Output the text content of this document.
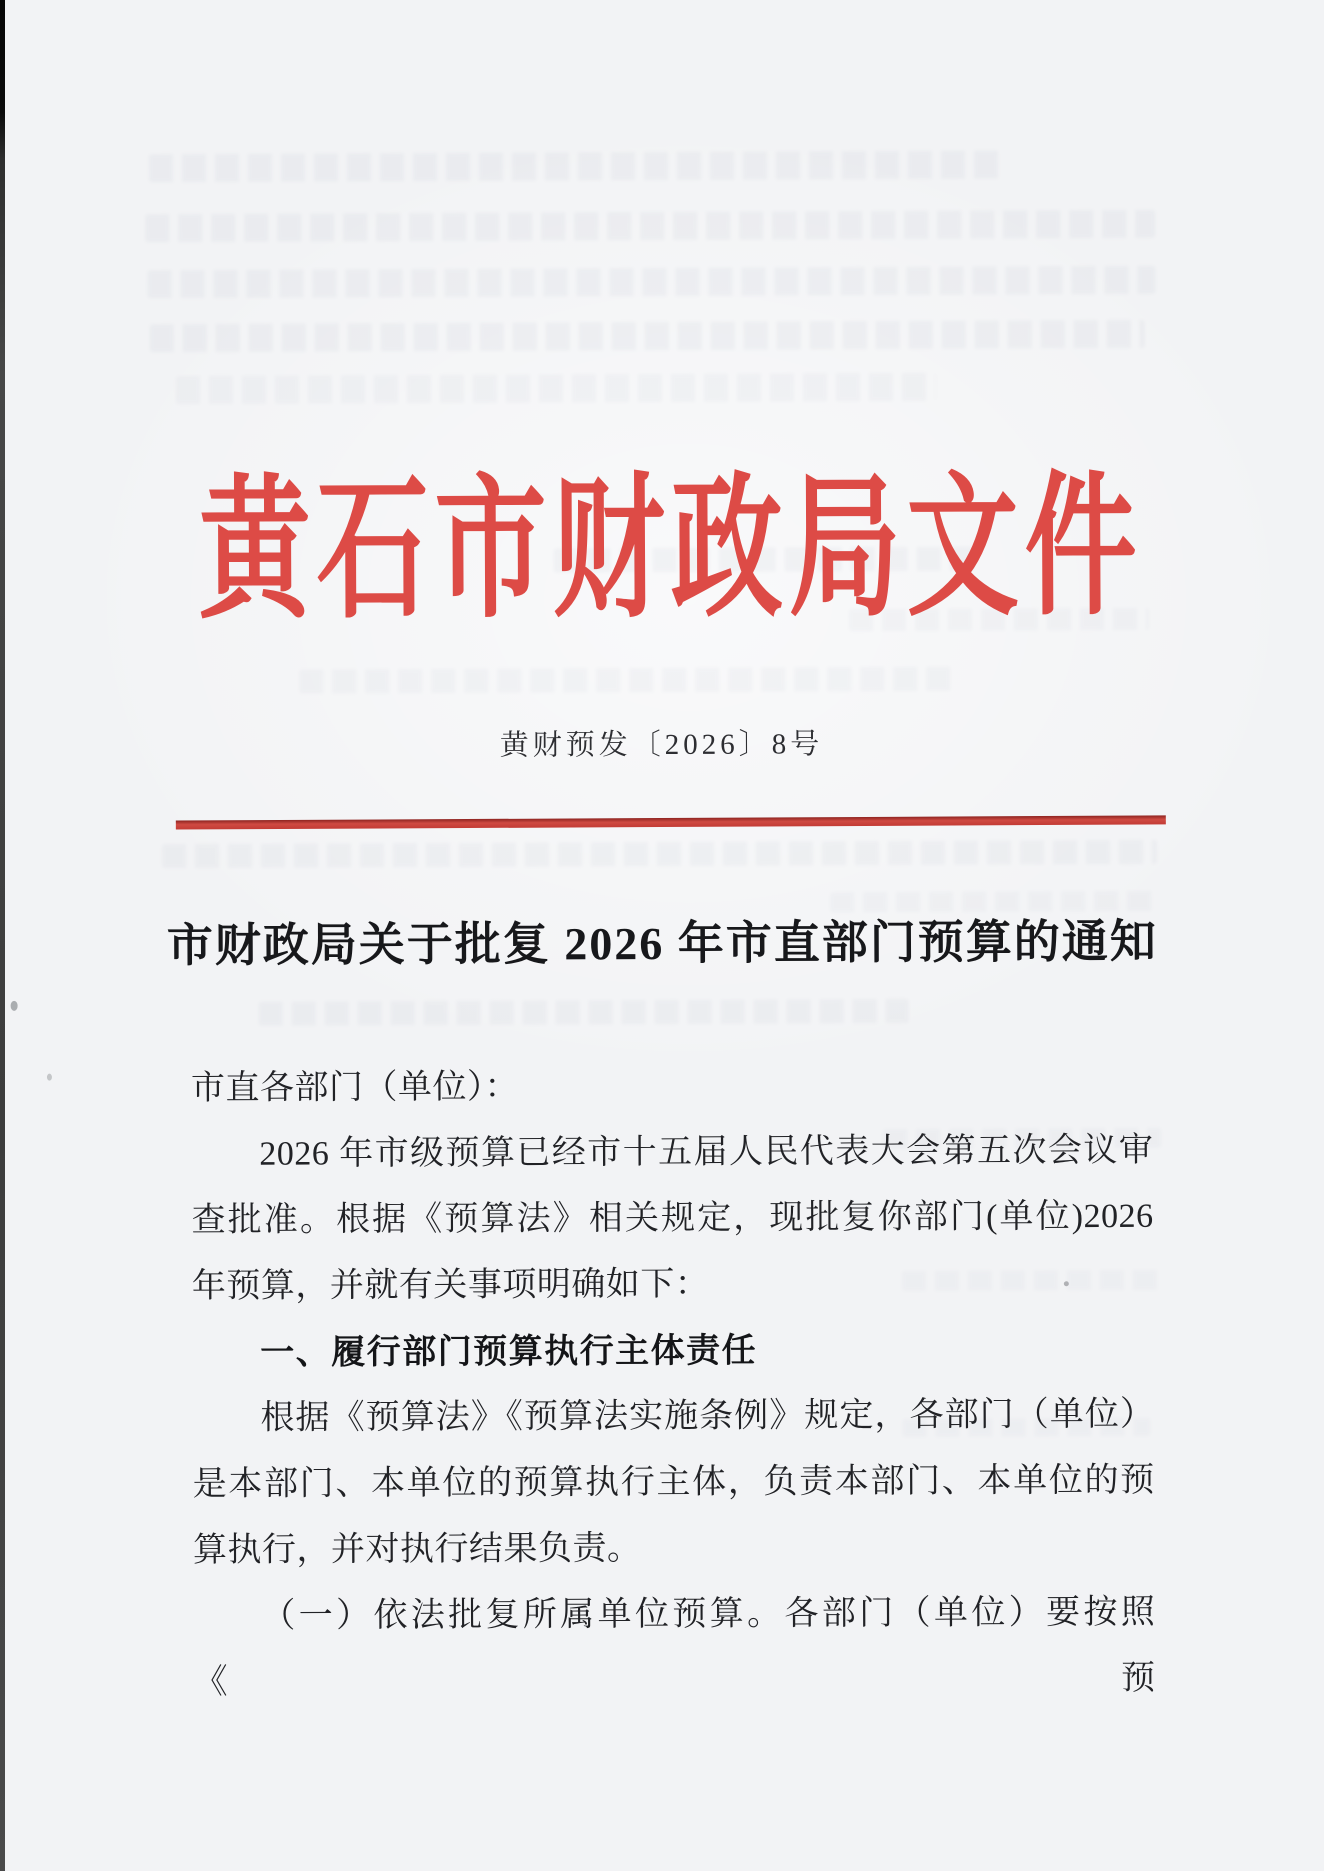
黄石市财政局文件
黄财预发〔2026〕8号
市财政局关于批复 2026 年市直部门预算的通知

市直各部门（单位）：

2026 年市级预算已经市十五届人民代表大会第五次会议审

查批准。根据《预算法》相关规定，现批复你部门(单位)2026

年预算，并就有关事项明确如下：

一、履行部门预算执行主体责任

根据《预算法》《预算法实施条例》规定，各部门（单位）

是本部门、本单位的预算执行主体，负责本部门、本单位的预

算执行，并对执行结果负责。

（一）依法批复所属单位预算。各部门（单位）要按照《预
